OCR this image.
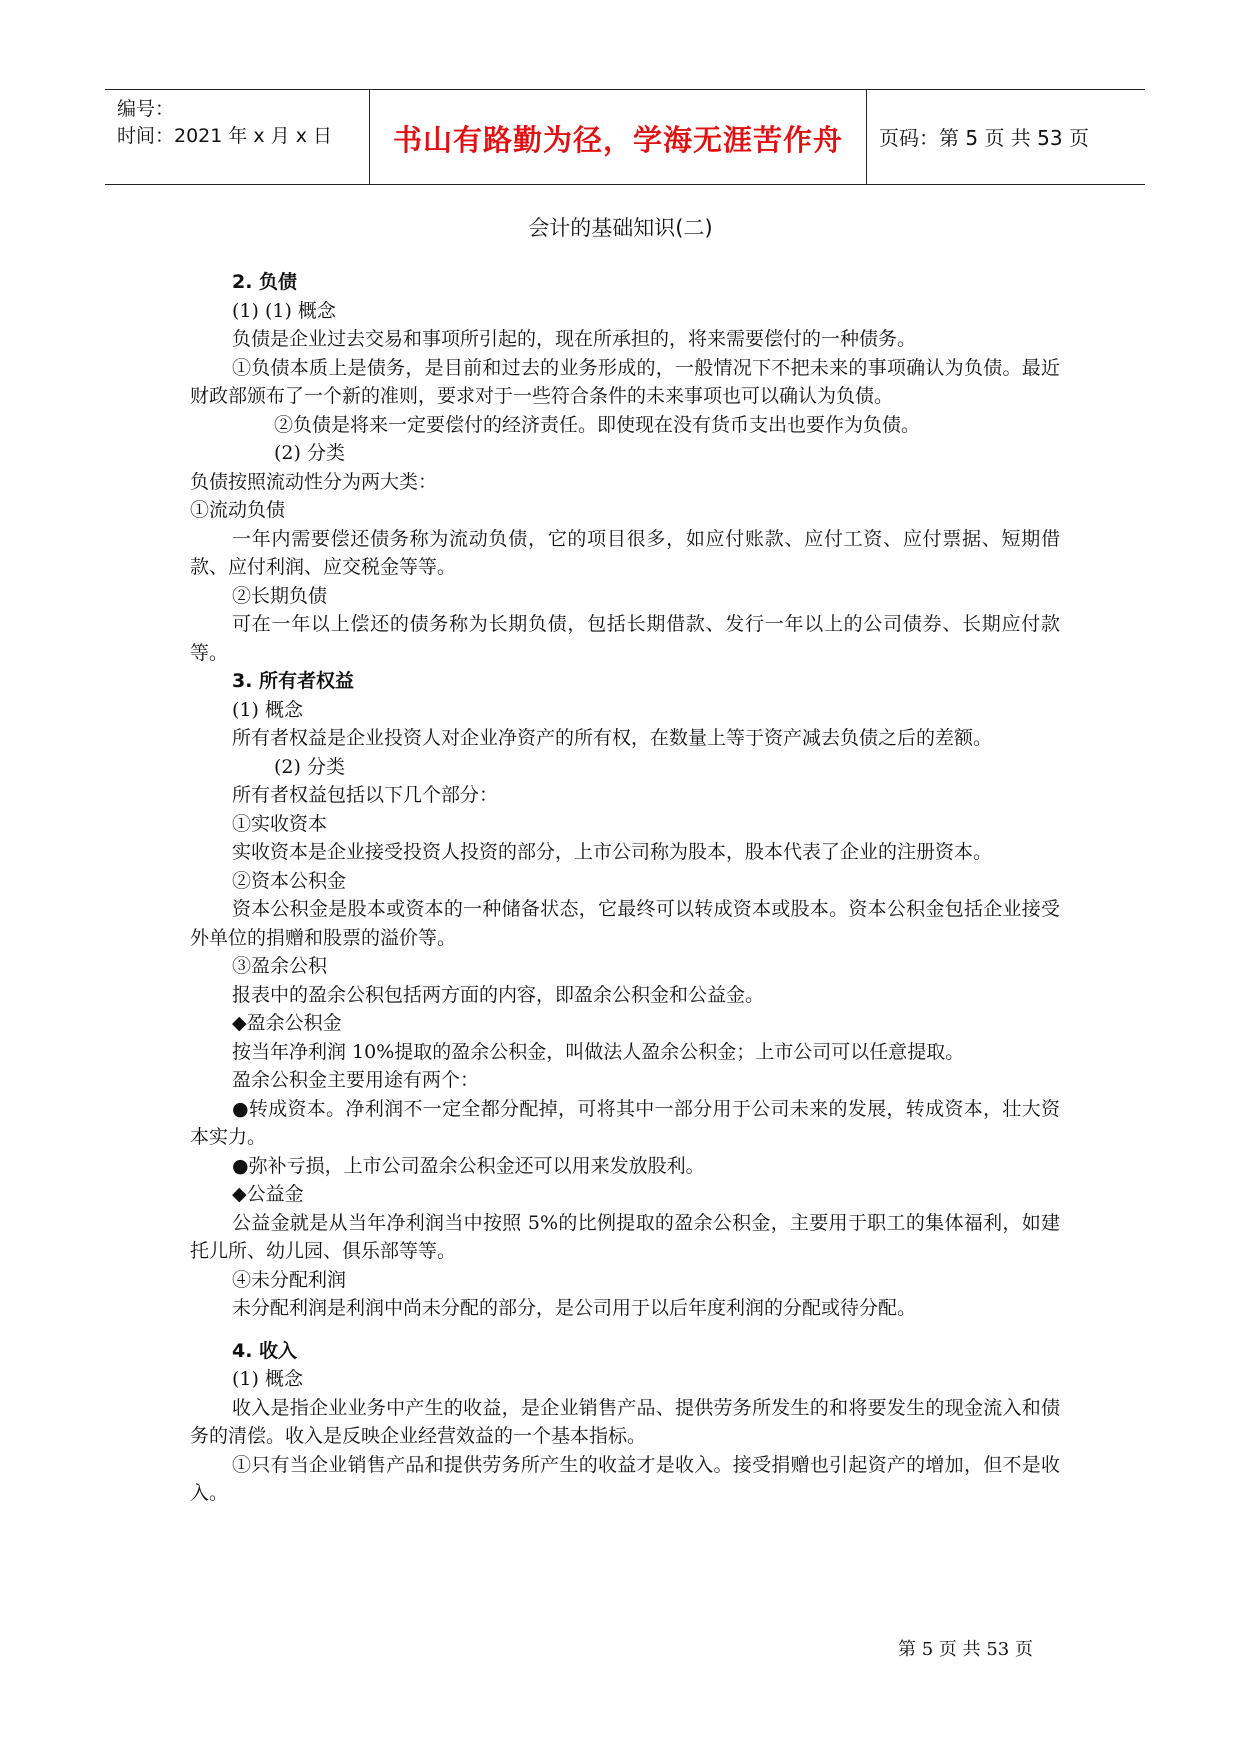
编号：
时间：2021 年 x 月 x 日	书山有路勤为径，学海无涯苦作舟	页码：第 5 页 共 53 页
会计的基础知识(二)

2. 负债

(1) (1) 概念

负债是企业过去交易和事项所引起的，现在所承担的，将来需要偿付的一种债务。

①负债本质上是债务，是目前和过去的业务形成的，一般情况下不把未来的事项确认为负债。最近财政部颁布了一个新的准则，要求对于一些符合条件的未来事项也可以确认为负债。

②负债是将来一定要偿付的经济责任。即使现在没有货币支出也要作为负债。

(2) 分类

负债按照流动性分为两大类：

①流动负债

一年内需要偿还债务称为流动负债，它的项目很多，如应付账款、应付工资、应付票据、短期借款、应付利润、应交税金等等。

②长期负债

可在一年以上偿还的债务称为长期负债，包括长期借款、发行一年以上的公司债券、长期应付款等。

3. 所有者权益

(1) 概念

所有者权益是企业投资人对企业净资产的所有权，在数量上等于资产减去负债之后的差额。

(2) 分类

所有者权益包括以下几个部分：

①实收资本

实收资本是企业接受投资人投资的部分，上市公司称为股本，股本代表了企业的注册资本。

②资本公积金

资本公积金是股本或资本的一种储备状态，它最终可以转成资本或股本。资本公积金包括企业接受外单位的捐赠和股票的溢价等。

③盈余公积

报表中的盈余公积包括两方面的内容，即盈余公积金和公益金。

◆盈余公积金

按当年净利润 10%提取的盈余公积金，叫做法人盈余公积金；上市公司可以任意提取。

盈余公积金主要用途有两个：

●转成资本。净利润不一定全都分配掉，可将其中一部分用于公司未来的发展，转成资本，壮大资本实力。

●弥补亏损，上市公司盈余公积金还可以用来发放股利。

◆公益金

公益金就是从当年净利润当中按照 5%的比例提取的盈余公积金，主要用于职工的集体福利，如建托儿所、幼儿园、俱乐部等等。

④未分配利润

未分配利润是利润中尚未分配的部分，是公司用于以后年度利润的分配或待分配。

4. 收入

(1) 概念

收入是指企业业务中产生的收益，是企业销售产品、提供劳务所发生的和将要发生的现金流入和债务的清偿。收入是反映企业经营效益的一个基本指标。

①只有当企业销售产品和提供劳务所产生的收益才是收入。接受捐赠也引起资产的增加，但不是收入。

第 5 页 共 53 页
